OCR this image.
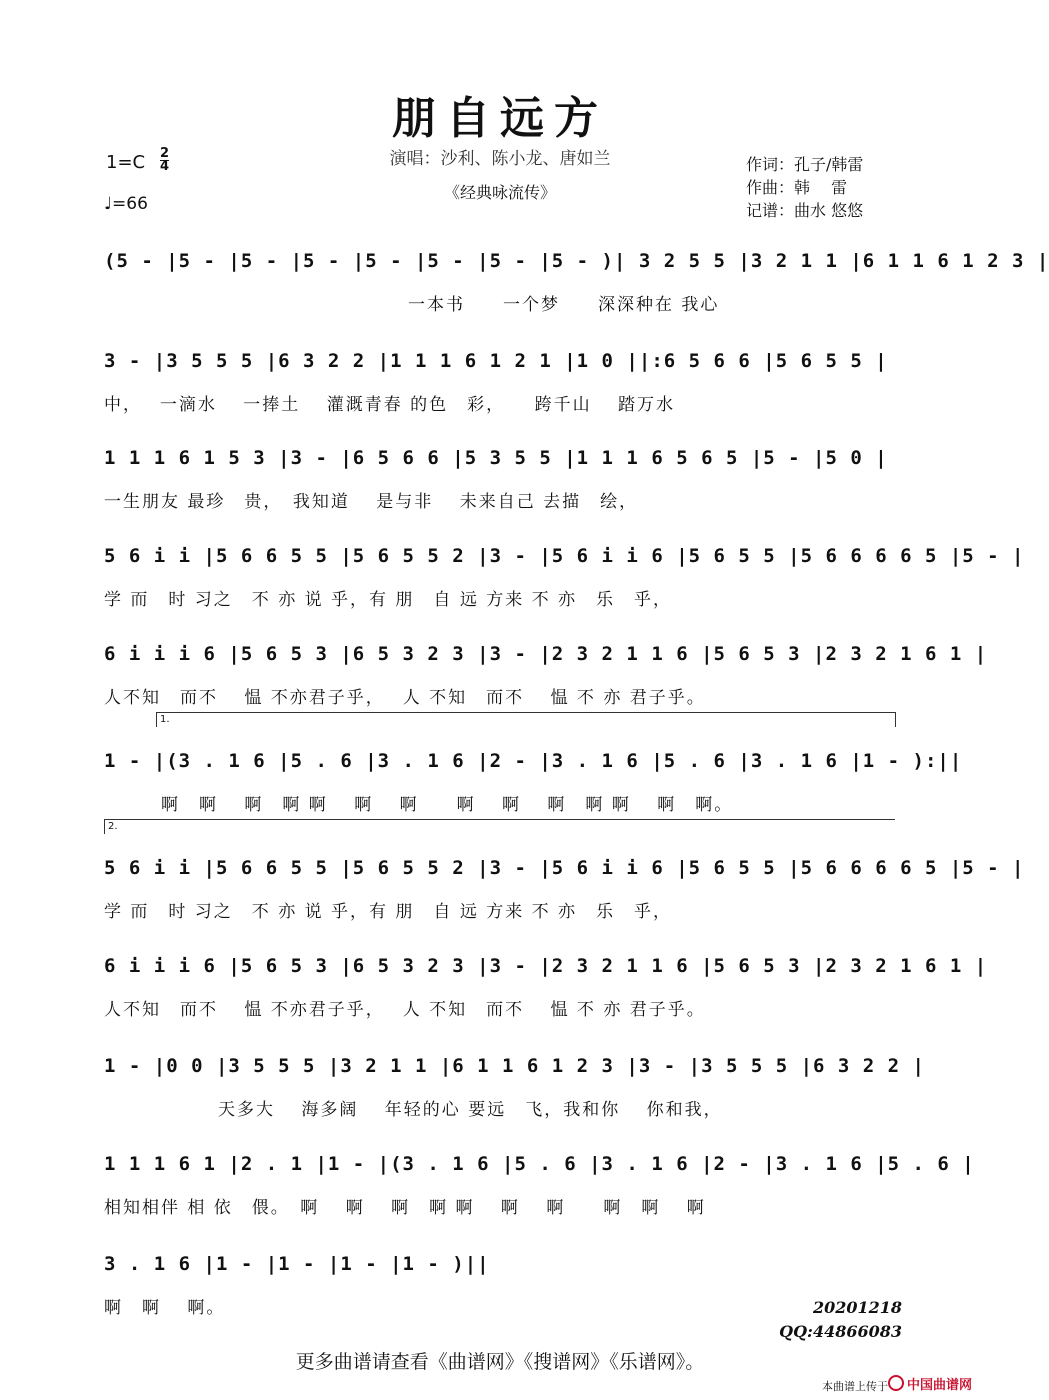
朋自远方
演唱：沙利、陈小龙、唐如兰
《经典咏流传》
1=C 2
4
♩=66
作词：孔子/韩雷
作曲：韩　 雷
记谱：曲水 悠悠
(5 - |5 - |5 - |5 - |5 - |5 - |5 - |5 - )| 3 2 5 5 |3 2 1 1 |6 1 1 6 1 2 3 |
　　　　　　　　　　　　　　　　一本书　　一个梦　　深深种在 我心
3 - |3 5 5 5 |6 3 2 2 |1 1 1 6 1 2 1 |1 0 ||:6 5 6 6 |5 6 5 5 |
中，　 一滴水　 一捧土　 灌溉青春 的色　彩，　　跨千山　 踏万水
1 1 1 6 1 5 3 |3 - |6 5 6 6 |5 3 5 5 |1 1 1 6 5 6 5 |5 - |5 0 |
一生朋友 最珍　贵，　我知道　 是与非　 未来自己 去描　绘，
5 6 i i |5 6 6 5 5 |5 6 5 5 2 |3 - |5 6 i i 6 |5 6 5 5 |5 6 6 6 6 5 |5 - |
学 而　时 习之　不 亦 说 乎，有 朋　自 远 方来 不 亦　乐　乎，
6 i i i 6 |5 6 5 3 |6 5 3 2 3 |3 - |2 3 2 1 1 6 |5 6 5 3 |2 3 2 1 6 1 |
人不知　而不　 愠 不亦君子乎，　 人 不知　而不　 愠 不 亦 君子乎。
1.
1 - |(3 . 1 6 |5 . 6 |3 . 1 6 |2 - |3 . 1 6 |5 . 6 |3 . 1 6 |1 - ):||
　　　啊　啊　 啊　啊 啊　 啊　 啊　　啊　 啊　 啊　啊 啊　 啊　啊。
2.
5 6 i i |5 6 6 5 5 |5 6 5 5 2 |3 - |5 6 i i 6 |5 6 5 5 |5 6 6 6 6 5 |5 - |
学 而　时 习之　不 亦 说 乎，有 朋　自 远 方来 不 亦　乐　乎，
6 i i i 6 |5 6 5 3 |6 5 3 2 3 |3 - |2 3 2 1 1 6 |5 6 5 3 |2 3 2 1 6 1 |
人不知　而不　 愠 不亦君子乎，　 人 不知　而不　 愠 不 亦 君子乎。
1 - |0 0 |3 5 5 5 |3 2 1 1 |6 1 1 6 1 2 3 |3 - |3 5 5 5 |6 3 2 2 |
　　　　　　天多大　 海多阔　 年轻的心 要远　飞，我和你　 你和我，
1 1 1 6 1 |2 . 1 |1 - |(3 . 1 6 |5 . 6 |3 . 1 6 |2 - |3 . 1 6 |5 . 6 |
相知相伴 相 依　偎。　啊　 啊　 啊　啊 啊　 啊　 啊　　啊　啊　 啊
3 . 1 6 |1 - |1 - |1 - |1 - )||
啊　啊　 啊。	20201218
QQ:44866083
更多曲谱请查看《曲谱网》《搜谱网》《乐谱网》。
本曲谱上传于 中国曲谱网
